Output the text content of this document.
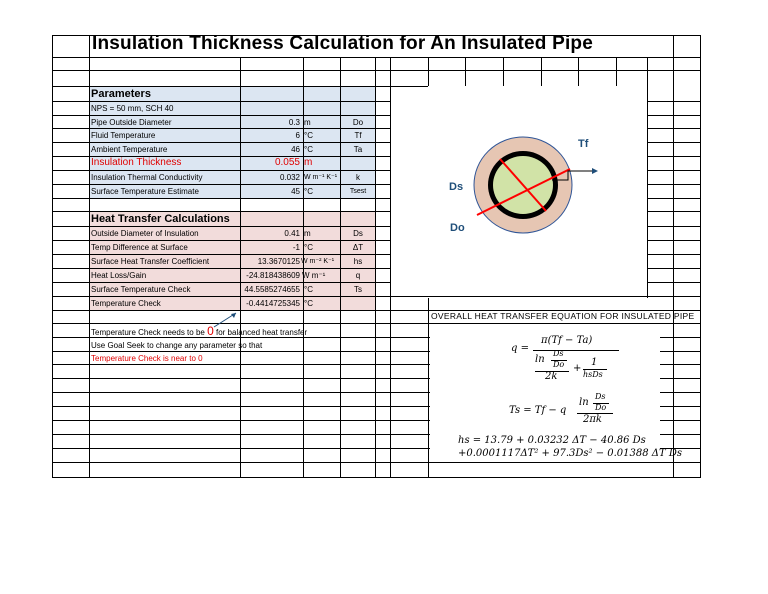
Insulation Thickness Calculation for An Insulated Pipe
Parameters
NPS = 50 mm, SCH 40
Pipe Outside Diameter	0.3 m	Do
Fluid Temperature	6 °C	Tf
Ambient Temperature	46 °C	Ta
Insulation Thickness	0.055 m
Insulation Thermal Conductivity	0.032 W m⁻¹ K⁻¹	k
Surface Temperature Estimate	45 °C	Tsest
Heat Transfer Calculations
Outside Diameter of Insulation	0.41 m	Ds
Temp Difference at Surface	-1 °C	ΔT
Surface Heat Transfer Coefficient	13.3670125 W m⁻² K⁻¹	hs
Heat Loss/Gain	-24.818438609 W m⁻¹	q
Surface Temperature Check	44.5585274655 °C	Ts
Temperature Check	-0.4414725345 °C
Temperature Check needs to be 0 for balanced heat transfer
Use Goal Seek to change any parameter so that
Temperature Check is near to 0
Tf
Ds
Do
OVERALL HEAT TRANSFER EQUATION FOR INSULATED PIPE
q =
π(Tf − Ta)
ln
Ds
Do
2k
+
1
hsDs
Ts = Tf − q
ln
Ds
Do
2πk
hs = 13.79 + 0.03232 ΔT − 40.86 Ds
+0.0001117ΔT² + 97.3Ds² − 0.01388 ΔT Ds
